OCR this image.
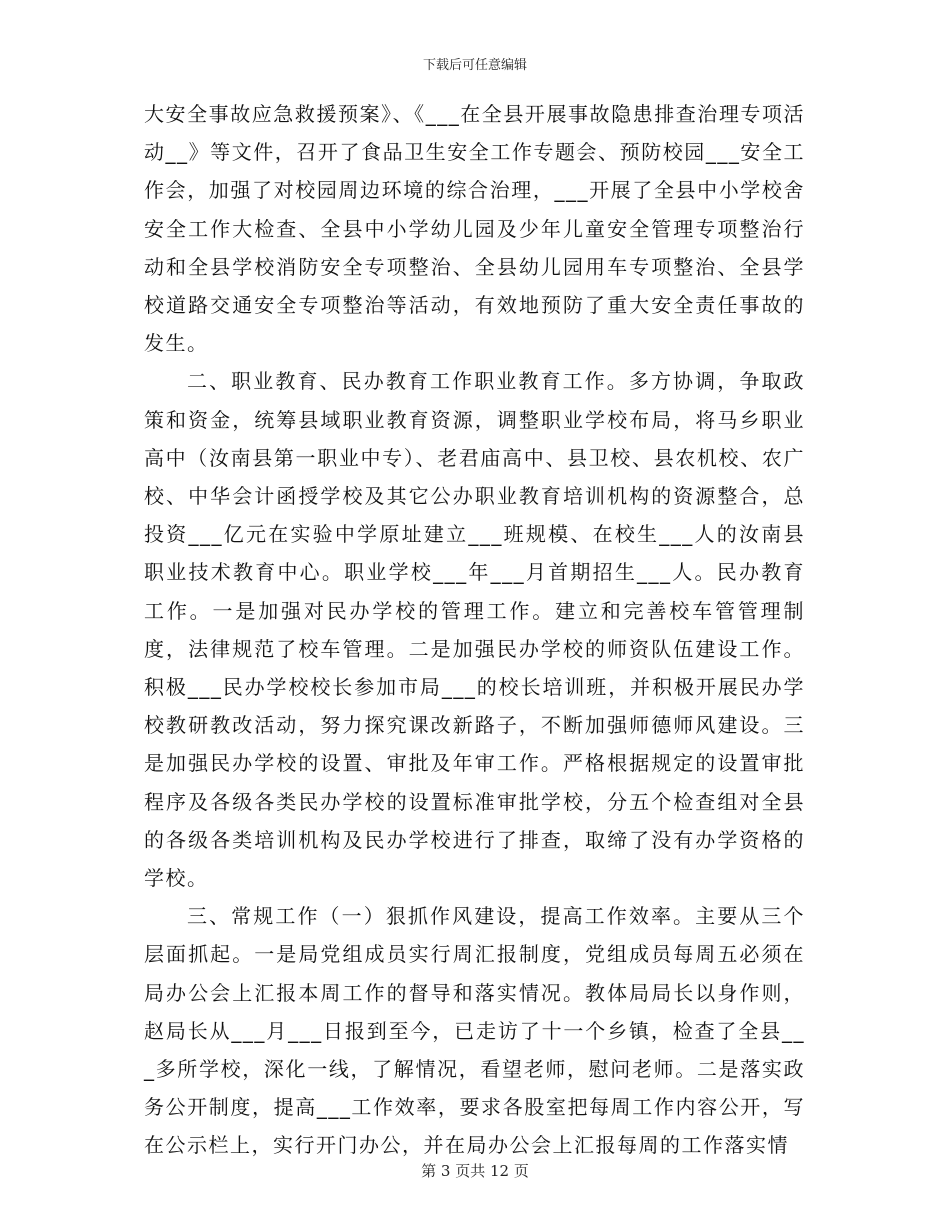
下载后可任意编辑

大安全事故应急救援预案》、《___在全县开展事故隐患排查治理专项活动__》等文件，召开了食品卫生安全工作专题会、预防校园___安全工作会，加强了对校园周边环境的综合治理，___开展了全县中小学校舍安全工作大检查、全县中小学幼儿园及少年儿童安全管理专项整治行动和全县学校消防安全专项整治、全县幼儿园用车专项整治、全县学校道路交通安全专项整治等活动，有效地预防了重大安全责任事故的发生。

二、职业教育、民办教育工作职业教育工作。多方协调，争取政策和资金，统筹县域职业教育资源，调整职业学校布局，将马乡职业高中（汝南县第一职业中专）、老君庙高中、县卫校、县农机校、农广校、中华会计函授学校及其它公办职业教育培训机构的资源整合，总投资___亿元在实验中学原址建立___班规模、在校生___人的汝南县职业技术教育中心。职业学校___年___月首期招生___人。民办教育工作。一是加强对民办学校的管理工作。建立和完善校车管管理制度，法律规范了校车管理。二是加强民办学校的师资队伍建设工作。积极___民办学校校长参加市局___的校长培训班，并积极开展民办学校教研教改活动，努力探究课改新路子，不断加强师德师风建设。三是加强民办学校的设置、审批及年审工作。严格根据规定的设置审批程序及各级各类民办学校的设置标准审批学校，分五个检查组对全县的各级各类培训机构及民办学校进行了排查，取缔了没有办学资格的学校。

三、常规工作（一）狠抓作风建设，提高工作效率。主要从三个层面抓起。一是局党组成员实行周汇报制度，党组成员每周五必须在局办公会上汇报本周工作的督导和落实情况。教体局局长以身作则，赵局长从___月___日报到至今，已走访了十一个乡镇，检查了全县___多所学校，深化一线，了解情况，看望老师，慰问老师。二是落实政务公开制度，提高___工作效率，要求各股室把每周工作内容公开，写在公示栏上，实行开门办公，并在局办公会上汇报每周的工作落实情

第 3 页共 12 页
